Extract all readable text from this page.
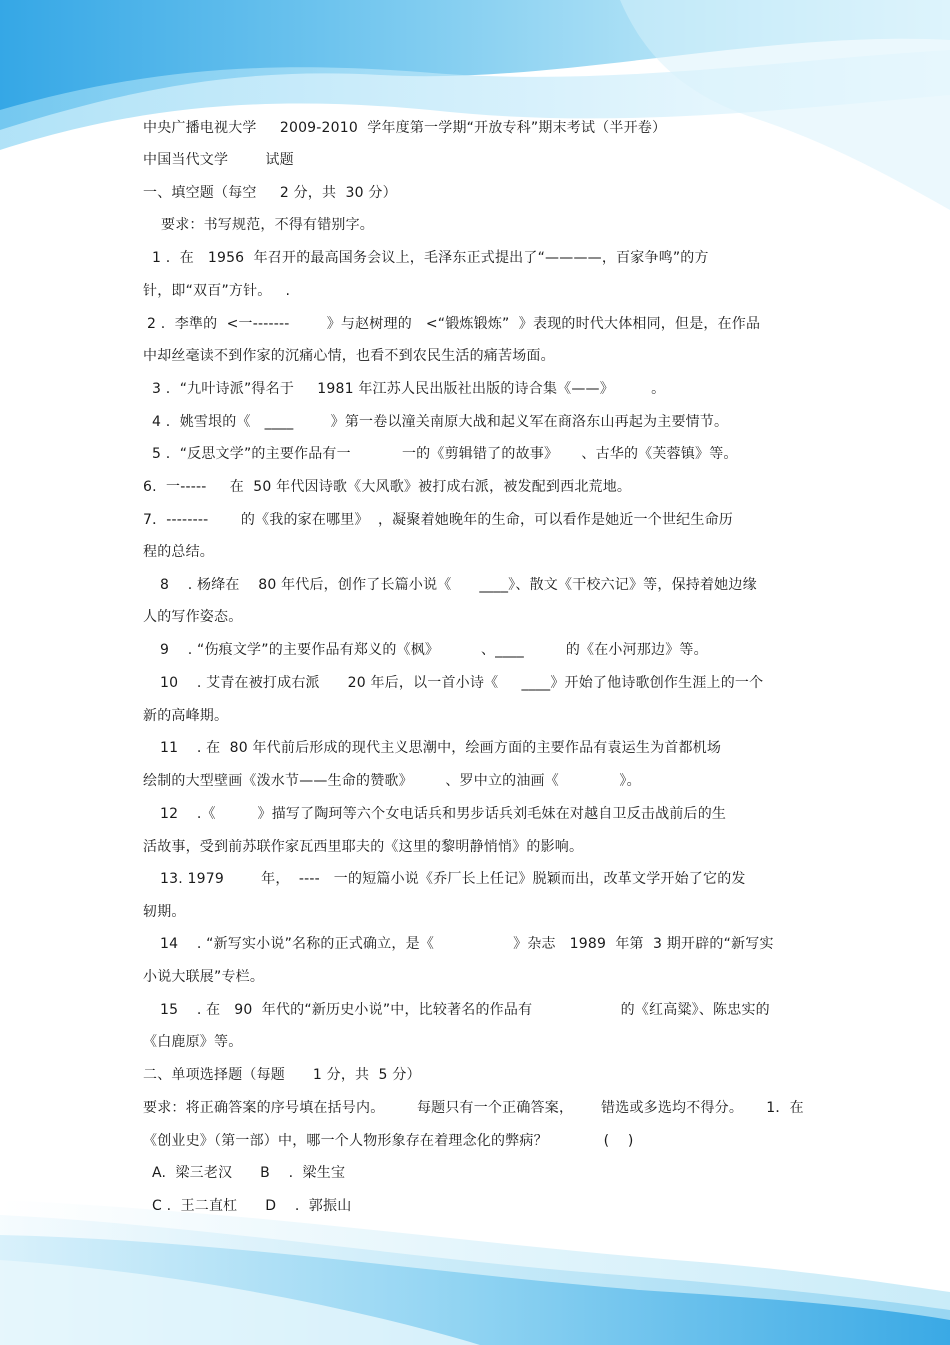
中央广播电视大学     2009-2010  学年度第一学期“开放专科”期末考试（半开卷）
中国当代文学        试题
一、填空题（每空     2 分，共  30 分）
要求：书写规范，不得有错别字。
1 .  在   1956  年召开的最高国务会议上，毛泽东正式提出了“————，百家争鸣”的方
针，即“双百”方针。   .
2 .  李準的  <一-------        》与赵树理的   <“锻炼锻炼”  》表现的时代大体相同，但是，在作品
中却丝毫读不到作家的沉痛心情，也看不到农民生活的痛苦场面。
3 .  “九叶诗派”得名于     1981 年江苏人民出版社出版的诗合集《——》        。
4 .  姚雪垠的《   ____        》第一卷以潼关南原大战和起义军在商洛东山再起为主要情节。
5 .  “反思文学”的主要作品有一           一的《剪辑错了的故事》     、古华的《芙蓉镇》等。
6.  一-----     在  50 年代因诗歌《大风歌》被打成右派，被发配到西北荒地。
7．--------       的《我的家在哪里》  ，凝聚着她晚年的生命，可以看作是她近一个世纪生命历
程的总结。
8    . 杨绛在    80 年代后，创作了长篇小说《      ____》、散文《干校六记》等，保持着她边缘
人的写作姿态。
9    . “伤痕文学”的主要作品有郑义的《枫》         、____         的《在小河那边》等。
10    . 艾青在被打成右派      20 年后，以一首小诗《     ____》开始了他诗歌创作生涯上的一个
新的高峰期。
11    . 在  80 年代前后形成的现代主义思潮中，绘画方面的主要作品有袁运生为首都机场
绘制的大型壁画《泼水节——生命的赞歌》       、罗中立的油画《             》。
12    .《         》描写了陶珂等六个女电话兵和男步话兵刘毛妹在对越自卫反击战前后的生
活故事，受到前苏联作家瓦西里耶夫的《这里的黎明静悄悄》的影响。
13. 1979        年，  ----   一的短篇小说《乔厂长上任记》脱颖而出，改革文学开始了它的发
轫期。
14    . “新写实小说”名称的正式确立，是《                 》杂志   1989  年第  3 期开辟的“新写实
小说大联展”专栏。
15    . 在   90  年代的“新历史小说”中，比较著名的作品有                   的《红高粱》、陈忠实的
《白鹿原》等。
二、单项选择题（每题      1 分，共  5 分）
要求：将正确答案的序号填在括号内。       每题只有一个正确答案，      错选或多选均不得分。     1．在
《创业史》（第一部）中，哪一个人物形象存在着理念化的弊病？            (    )
A.  梁三老汉      B    .  梁生宝
C .  王二直杠      D    .  郭振山
